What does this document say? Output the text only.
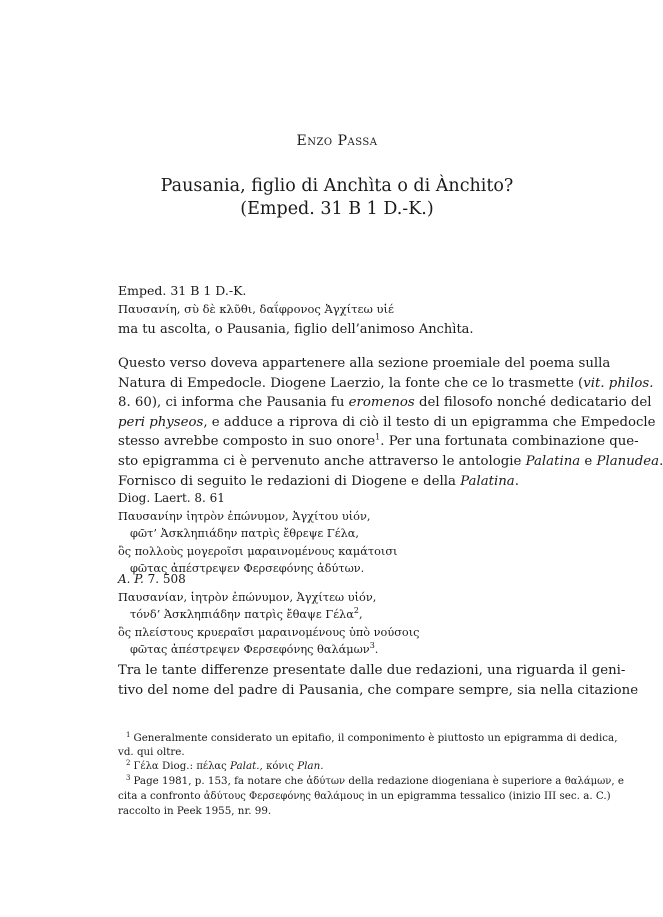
Enzo Passa
Pausania, figlio di Anchìta o di Ànchito?
(Emped. 31 B 1 D.-K.)
Emped. 31 B 1 D.-K.
Παυσανίη, σὺ δὲ κλῦθι, δαΐφρονος Ἀγχίτεω υἱέ
ma tu ascolta, o Pausania, figlio dell’animoso Anchìta.
Questo verso doveva appartenere alla sezione proemiale del poema sulla
Natura di Empedocle. Diogene Laerzio, la fonte che ce lo trasmette (vit. philos.
8. 60), ci informa che Pausania fu eromenos del filosofo nonché dedicatario del
peri physeos, e adduce a riprova di ciò il testo di un epigramma che Empedocle
stesso avrebbe composto in suo onore$^1$. Per una fortunata combinazione que-
sto epigramma ci è pervenuto anche attraverso le antologie Palatina e Planudea.
Fornisco di seguito le redazioni di Diogene e della Palatina.
Diog. Laert. 8. 61
Παυσανίην ἰητρὸν ἐπώνυμον, Ἀγχίτου υἱόν,
φῶτ’ Ἀσκληπιάδην πατρὶς ἔθρεψε Γέλα,
ὃς πολλοὺς μογεροῖσι μαραινομένους καμάτοισι
φῶτας ἀπέστρεψεν Φερσεφόνης ἀδύτων.
A. P. 7. 508
Παυσανίαν, ἰητρὸν ἐπώνυμον, Ἀγχίτεω υἱόν,
τόνδ’ Ἀσκληπιάδην πατρὶς ἔθαψε Γέλα$^2$,
ὃς πλείστους κρυεραῖσι μαραινομένους ὑπὸ νούσοις
φῶτας ἀπέστρεψεν Φερσεφόνης θαλάμων$^3$.
Tra le tante differenze presentate dalle due redazioni, una riguarda il geni-
tivo del nome del padre di Pausania, che compare sempre, sia nella citazione
$^1$ Generalmente considerato un epitafio, il componimento è piuttosto un epigramma di dedica,
vd. qui oltre.
$^2$ Γέλα Diog.: πέλας Palat., κόνις Plan.
$^3$ Page 1981, p. 153, fa notare che ἀδύτων della redazione diogeniana è superiore a θαλάμων, e
cita a confronto ἀδύτους Φερσεφόνης θαλάμους in un epigramma tessalico (inizio III sec. a. C.)
raccolto in Peek 1955, nr. 99.
